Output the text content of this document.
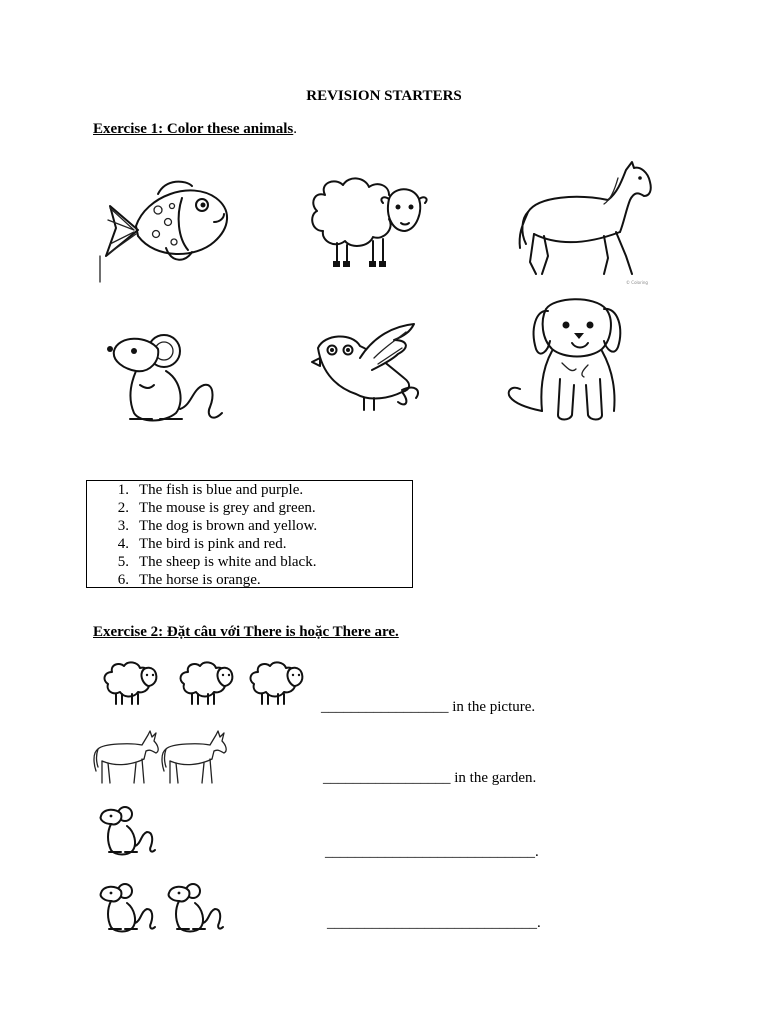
REVISION STARTERS
Exercise 1: Color these animals.
© Coloring
1. The fish is blue and purple.
2. The mouse is grey and green.
3. The dog is brown and yellow.
4. The bird is pink and red.
5. The sheep is white and black.
6. The horse is orange.
Exercise 2: Đặt câu với There is hoặc There are.
_________________ in the picture.
_________________ in the garden.
____________________________.
____________________________.
